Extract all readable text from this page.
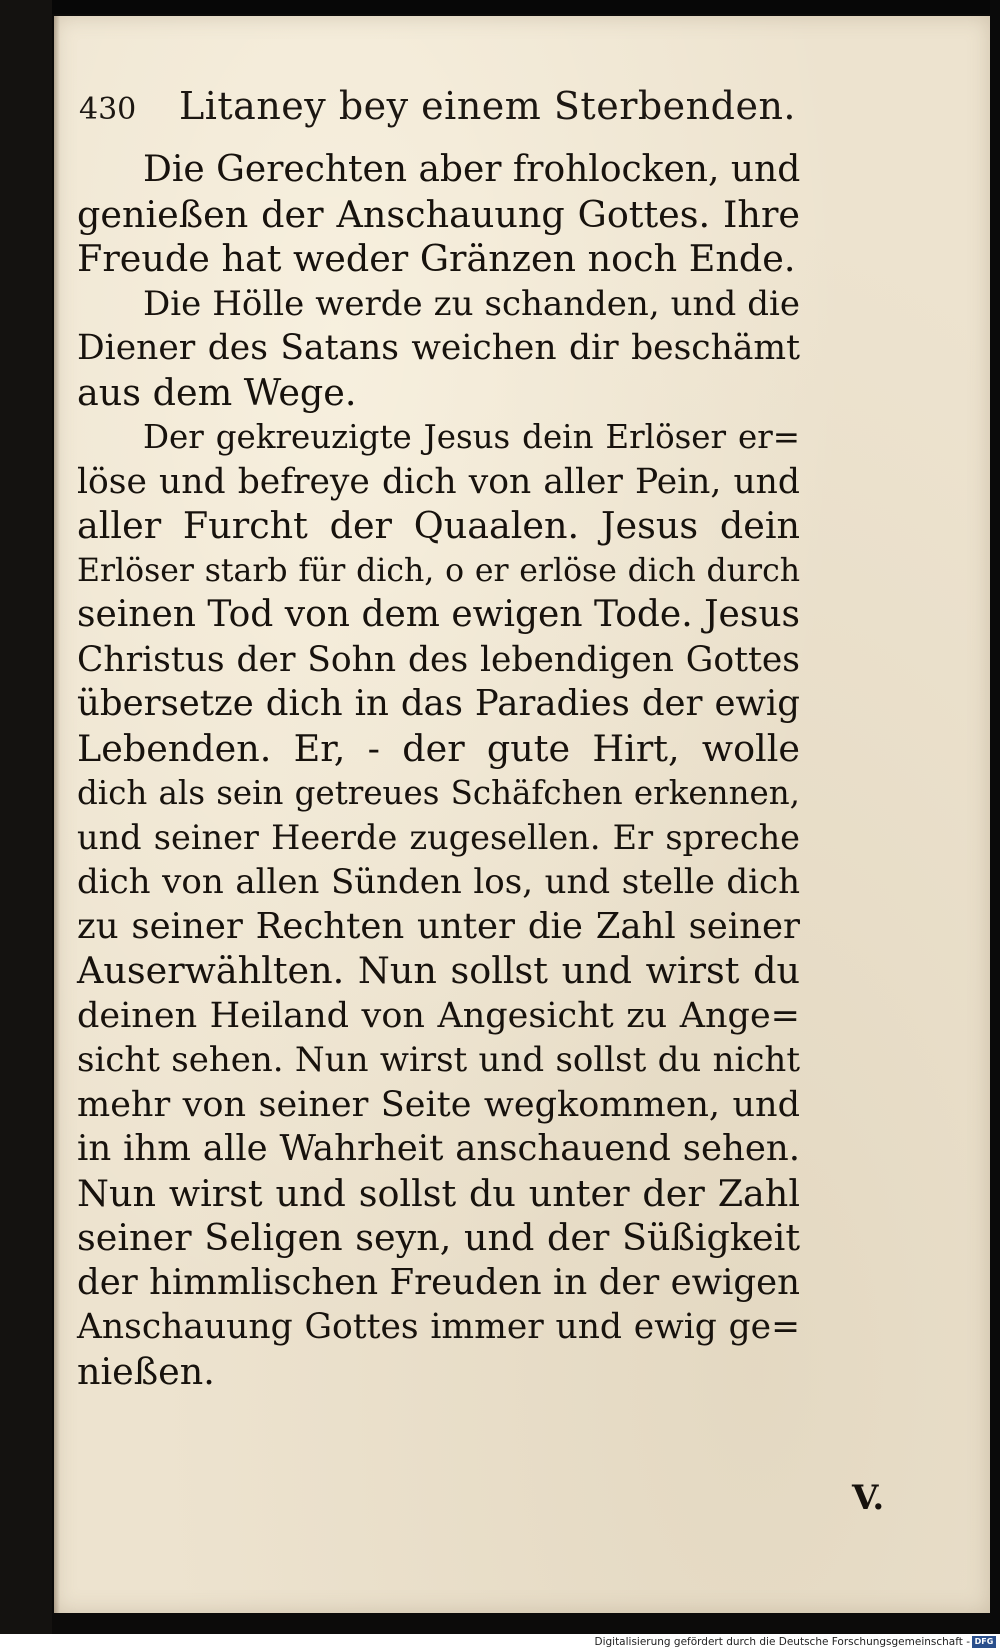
430 Litaney bey einem Sterbenden.
Die Gerechten aber frohlocken, und
genießen der Anschauung Gottes. Ihre
Freude hat weder Gränzen noch Ende.
Die Hölle werde zu schanden, und die
Diener des Satans weichen dir beschämt
aus dem Wege.
Der gekreuzigte Jesus dein Erlöser er=
löse und befreye dich von aller Pein, und
aller Furcht der Quaalen. Jesus dein
Erlöser starb für dich, o er erlöse dich durch
seinen Tod von dem ewigen Tode. Jesus
Christus der Sohn des lebendigen Gottes
übersetze dich in das Paradies der ewig
Lebenden. Er, - der gute Hirt, wolle
dich als sein getreues Schäfchen erkennen,
und seiner Heerde zugesellen. Er spreche
dich von allen Sünden los, und stelle dich
zu seiner Rechten unter die Zahl seiner
Auserwählten. Nun sollst und wirst du
deinen Heiland von Angesicht zu Ange=
sicht sehen. Nun wirst und sollst du nicht
mehr von seiner Seite wegkommen, und
in ihm alle Wahrheit anschauend sehen.
Nun wirst und sollst du unter der Zahl
seiner Seligen seyn, und der Süßigkeit
der himmlischen Freuden in der ewigen
Anschauung Gottes immer und ewig ge=
nießen.
V.
Digitalisierung gefördert durch die Deutsche Forschungsgemeinschaft - DFG
